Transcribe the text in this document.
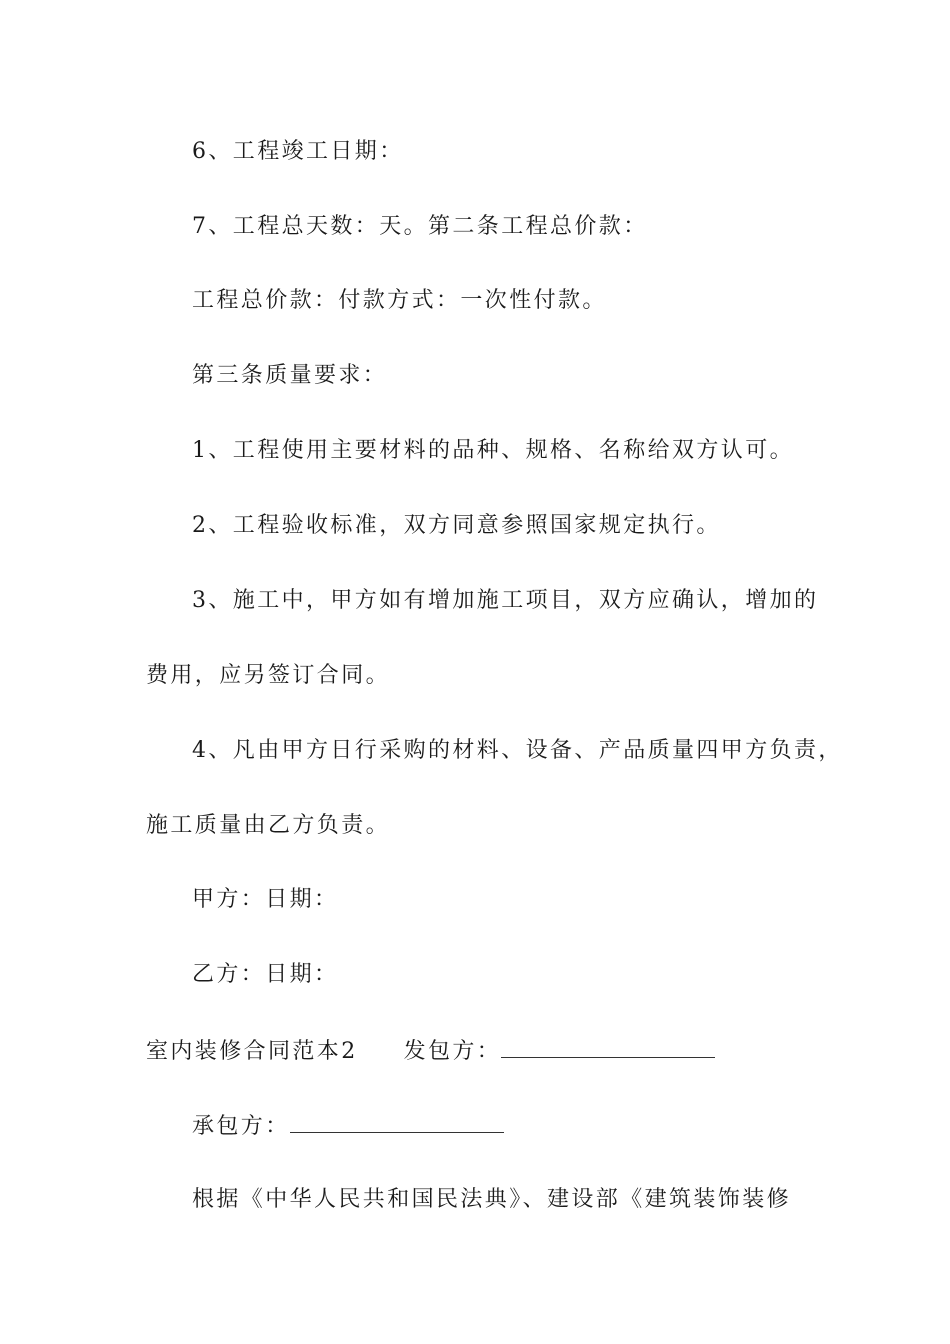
6、工程竣工日期：
7、工程总天数：天。第二条工程总价款：
工程总价款：付款方式：一次性付款。
第三条质量要求：
1、工程使用主要材料的品种、规格、名称给双方认可。
2、工程验收标准，双方同意参照国家规定执行。
3、施工中，甲方如有增加施工项目，双方应确认，增加的
费用，应另签订合同。
4、凡由甲方日行采购的材料、设备、产品质量四甲方负责，
施工质量由乙方负责。
甲方：日期：
乙方：日期：
室内装修合同范本2 发包方：
承包方：
根据《中华人民共和国民法典》、建设部《建筑装饰装修
